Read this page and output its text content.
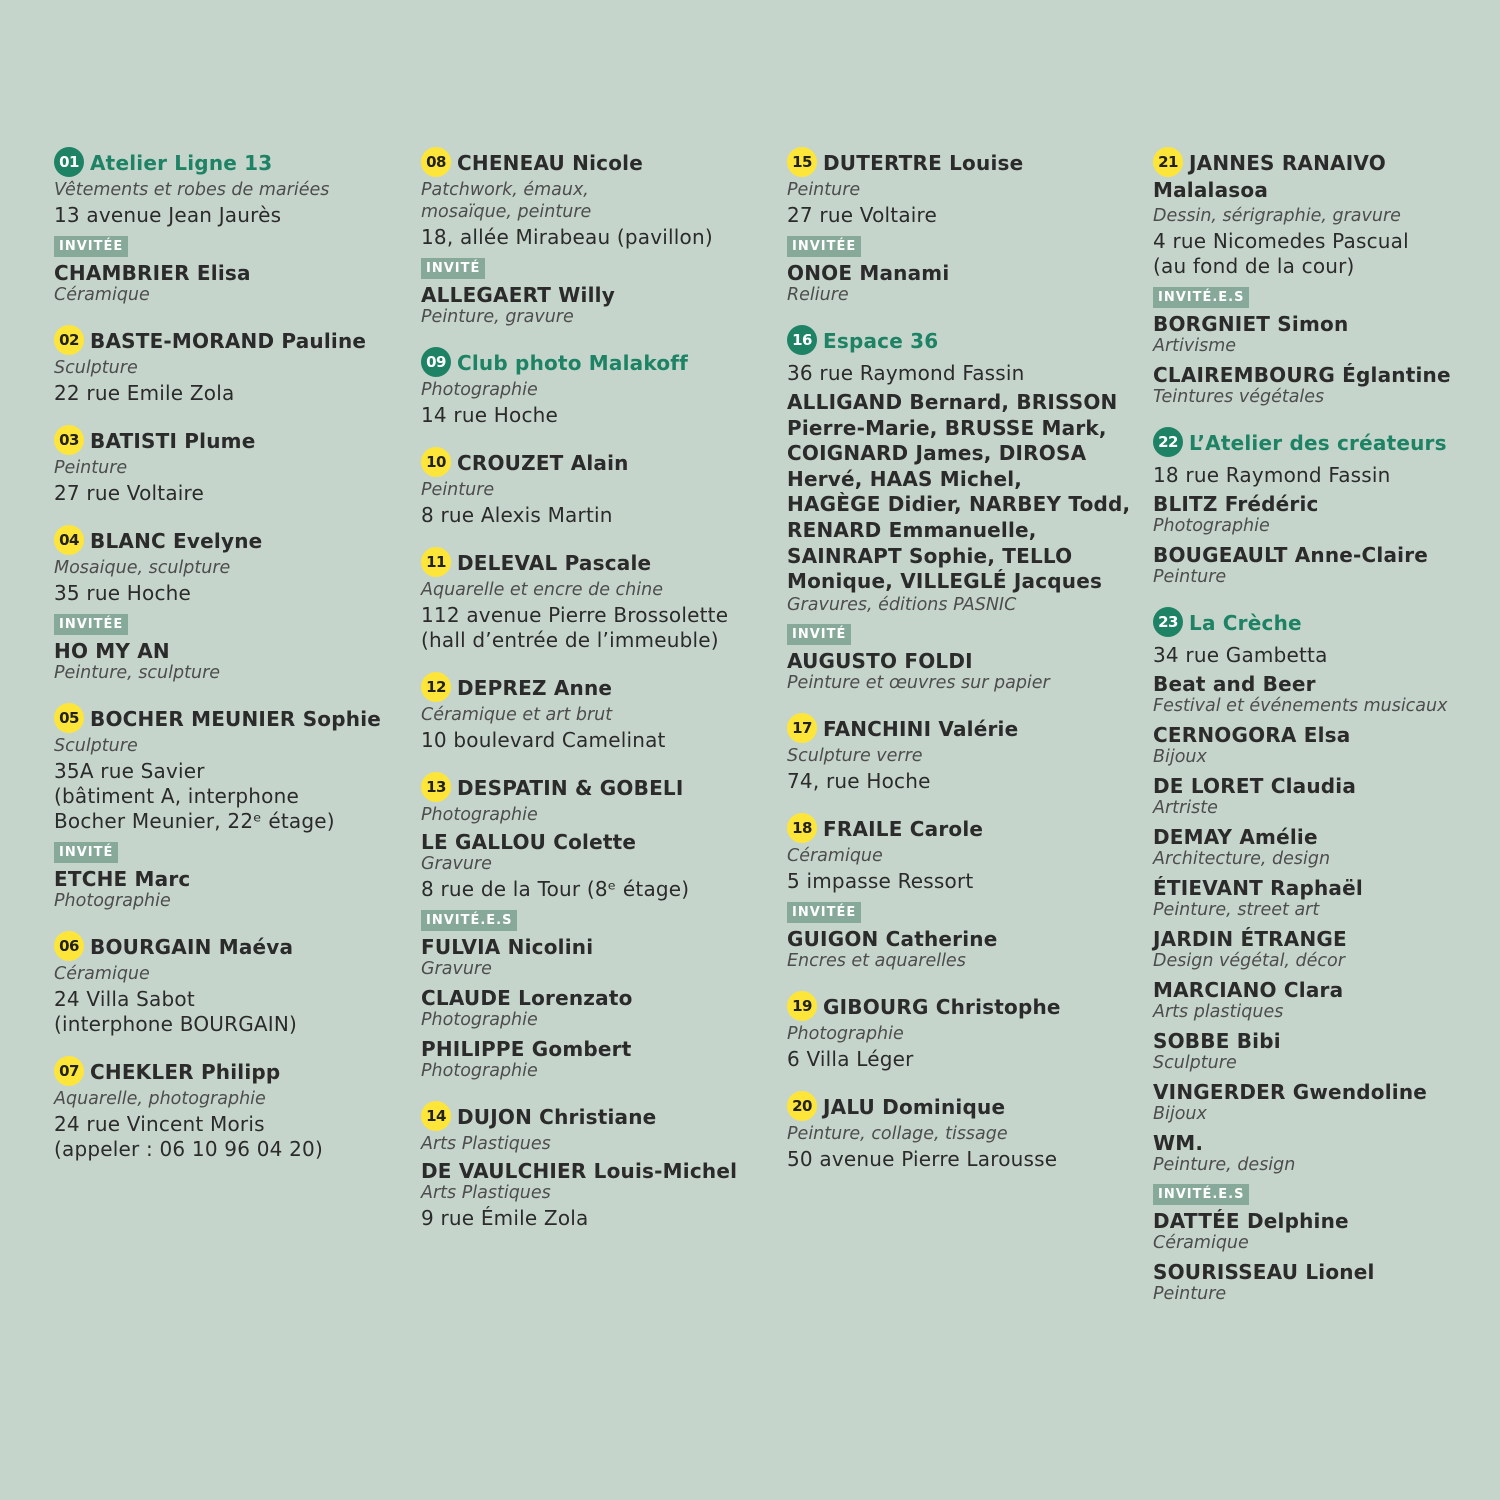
01 Atelier Ligne 13
Vêtements et robes de mariées
13 avenue Jean Jaurès
INVITÉE
CHAMBRIER Elisa
Céramique
02 BASTE-MORAND Pauline
Sculpture
22 rue Emile Zola
03 BATISTI Plume
Peinture
27 rue Voltaire
04 BLANC Evelyne
Mosaique, sculpture
35 rue Hoche
INVITÉE
HO MY AN
Peinture, sculpture
05 BOCHER MEUNIER Sophie
Sculpture
35A rue Savier
(bâtiment A, interphone
Bocher Meunier, 22ᵉ étage)
INVITÉ
ETCHE Marc
Photographie
06 BOURGAIN Maéva
Céramique
24 Villa Sabot
(interphone BOURGAIN)
07 CHEKLER Philipp
Aquarelle, photographie
24 rue Vincent Moris
(appeler : 06 10 96 04 20)
08 CHENEAU Nicole
Patchwork, émaux,
mosaïque, peinture
18, allée Mirabeau (pavillon)
INVITÉ
ALLEGAERT Willy
Peinture, gravure
09 Club photo Malakoff
Photographie
14 rue Hoche
10 CROUZET Alain
Peinture
8 rue Alexis Martin
11 DELEVAL Pascale
Aquarelle et encre de chine
112 avenue Pierre Brossolette
(hall d’entrée de l’immeuble)
12 DEPREZ Anne
Céramique et art brut
10 boulevard Camelinat
13 DESPATIN & GOBELI
Photographie
LE GALLOU Colette
Gravure
8 rue de la Tour (8ᵉ étage)
INVITÉ.E.S
FULVIA Nicolini
Gravure
CLAUDE Lorenzato
Photographie
PHILIPPE Gombert
Photographie
14 DUJON Christiane
Arts Plastiques
DE VAULCHIER Louis-Michel
Arts Plastiques
9 rue Émile Zola
15 DUTERTRE Louise
Peinture
27 rue Voltaire
INVITÉE
ONOE Manami
Reliure
16 Espace 36
36 rue Raymond Fassin
ALLIGAND Bernard, BRISSON
Pierre-Marie, BRUSSE Mark,
COIGNARD James, DIROSA
Hervé, HAAS Michel,
HAGÈGE Didier, NARBEY Todd,
RENARD Emmanuelle,
SAINRAPT Sophie, TELLO
Monique, VILLEGLÉ Jacques
Gravures, éditions PASNIC
INVITÉ
AUGUSTO FOLDI
Peinture et œuvres sur papier
17 FANCHINI Valérie
Sculpture verre
74, rue Hoche
18 FRAILE Carole
Céramique
5 impasse Ressort
INVITÉE
GUIGON Catherine
Encres et aquarelles
19 GIBOURG Christophe
Photographie
6 Villa Léger
20 JALU Dominique
Peinture, collage, tissage
50 avenue Pierre Larousse
21 JANNES RANAIVO
Malalasoa
Dessin, sérigraphie, gravure
4 rue Nicomedes Pascual
(au fond de la cour)
INVITÉ.E.S
BORGNIET Simon
Artivisme
CLAIREMBOURG Églantine
Teintures végétales
22 L’Atelier des créateurs
18 rue Raymond Fassin
BLITZ Frédéric
Photographie
BOUGEAULT Anne-Claire
Peinture
23 La Crèche
34 rue Gambetta
Beat and Beer
Festival et événements musicaux
CERNOGORA Elsa
Bijoux
DE LORET Claudia
Artriste
DEMAY Amélie
Architecture, design
ÉTIEVANT Raphaël
Peinture, street art
JARDIN ÉTRANGE
Design végétal, décor
MARCIANO Clara
Arts plastiques
SOBBE Bibi
Sculpture
VINGERDER Gwendoline
Bijoux
WM.
Peinture, design
INVITÉ.E.S
DATTÉE Delphine
Céramique
SOURISSEAU Lionel
Peinture
